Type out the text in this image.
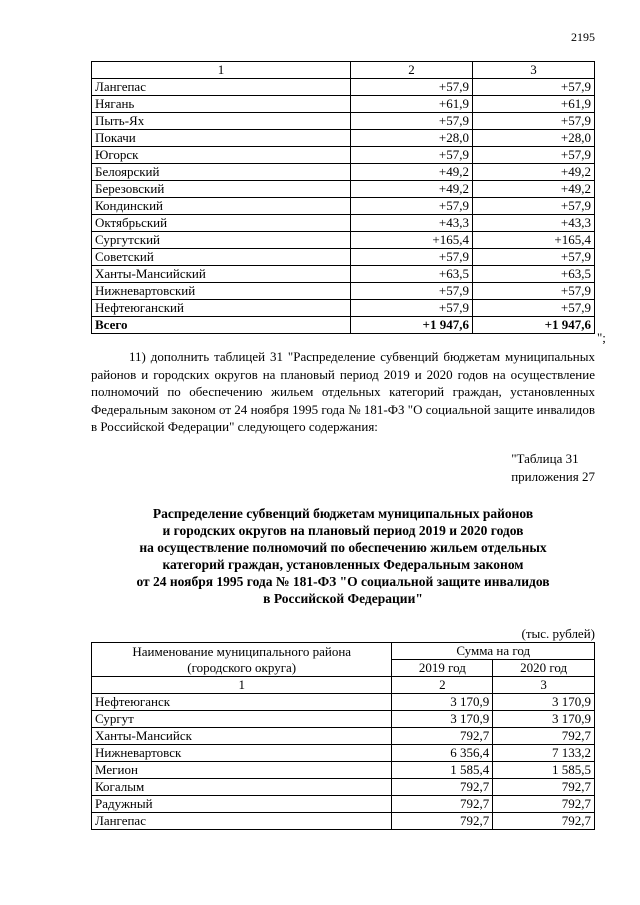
2195
1	2	3
Лангепас	+57,9	+57,9
Нягань	+61,9	+61,9
Пыть-Ях	+57,9	+57,9
Покачи	+28,0	+28,0
Югорск	+57,9	+57,9
Белоярский	+49,2	+49,2
Березовский	+49,2	+49,2
Кондинский	+57,9	+57,9
Октябрьский	+43,3	+43,3
Сургутский	+165,4	+165,4
Советский	+57,9	+57,9
Ханты-Мансийский	+63,5	+63,5
Нижневартовский	+57,9	+57,9
Нефтеюганский	+57,9	+57,9
Всего	+1 947,6	+1 947,6
";

11) дополнить таблицей 31 "Распределение субвенций бюджетам муниципальных районов и городских округов на плановый период 2019 и 2020 годов на осуществление полномочий по обеспечению жильем отдельных категорий граждан, установленных Федеральным законом от 24 ноября 1995 года № 181-ФЗ "О социальной защите инвалидов в Российской Федерации" следующего содержания:

"Таблица 31
приложения 27
Распределение субвенций бюджетам муниципальных районов
и городских округов на плановый период 2019 и 2020 годов
на осуществление полномочий по обеспечению жильем отдельных
категорий граждан, установленных Федеральным законом
от 24 ноября 1995 года № 181-ФЗ "О социальной защите инвалидов
в Российской Федерации"
(тыс. рублей)
Наименование муниципального района
(городского округа)	Сумма на год	
	2019 год	2020 год
1	2	3
Нефтеюганск	3 170,9	3 170,9
Сургут	3 170,9	3 170,9
Ханты-Мансийск	792,7	792,7
Нижневартовск	6 356,4	7 133,2
Мегион	1 585,4	1 585,5
Когалым	792,7	792,7
Радужный	792,7	792,7
Лангепас	792,7	792,7
